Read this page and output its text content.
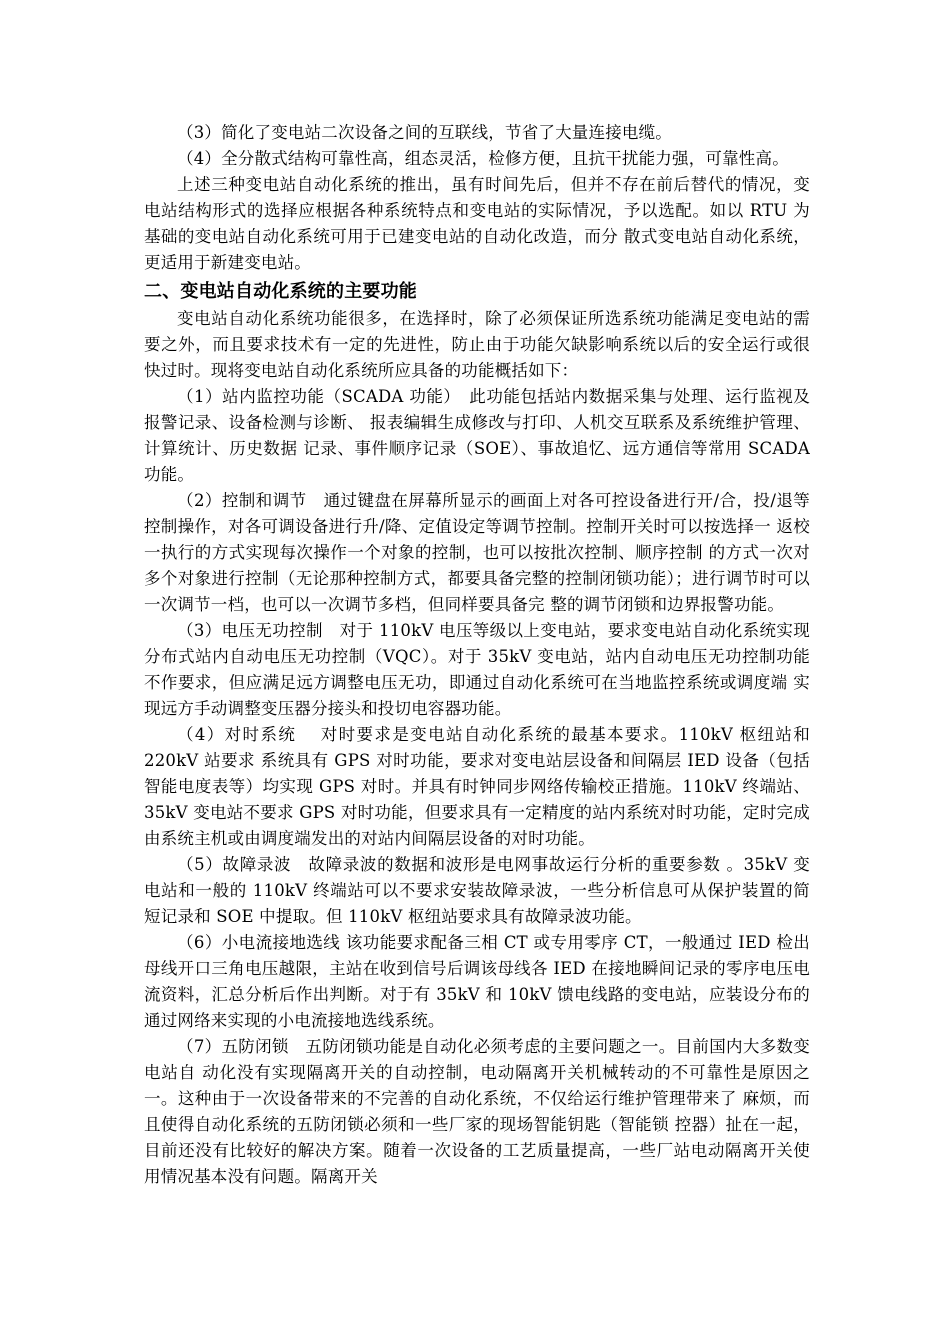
（3）简化了变电站二次设备之间的互联线，节省了大量连接电缆。

（4）全分散式结构可靠性高，组态灵活，检修方便，且抗干扰能力强，可靠性高。

上述三种变电站自动化系统的推出，虽有时间先后，但并不存在前后替代的情况，变电站结构形式的选择应根据各种系统特点和变电站的实际情况，予以选配。如以 RTU 为基础的变电站自动化系统可用于已建变电站的自动化改造，而分 散式变电站自动化系统，更适用于新建变电站。

二、变电站自动化系统的主要功能

变电站自动化系统功能很多，在选择时，除了必须保证所选系统功能满足变电站的需要之外，而且要求技术有一定的先进性，防止由于功能欠缺影响系统以后的安全运行或很快过时。现将变电站自动化系统所应具备的功能概括如下：

（1）站内监控功能（SCADA 功能）　此功能包括站内数据采集与处理、运行监视及报警记录、设备检测与诊断、 报表编辑生成修改与打印、人机交互联系及系统维护管理、计算统计、历史数据 记录、事件顺序记录（SOE）、事故追忆、远方通信等常用 SCADA 功能。

（2）控制和调节　通过键盘在屏幕所显示的画面上对各可控设备进行开/合，投/退等控制操作，对各可调设备进行升/降、定值设定等调节控制。控制开关时可以按选择一 返校一执行的方式实现每次操作一个对象的控制，也可以按批次控制、顺序控制 的方式一次对多个对象进行控制（无论那种控制方式，都要具备完整的控制闭锁功能）；进行调节时可以一次调节一档，也可以一次调节多档，但同样要具备完 整的调节闭锁和边界报警功能。

（3）电压无功控制　对于 110kV 电压等级以上变电站，要求变电站自动化系统实现分布式站内自动电压无功控制（VQC）。对于 35kV 变电站，站内自动电压无功控制功能不作要求，但应满足远方调整电压无功，即通过自动化系统可在当地监控系统或调度端 实现远方手动调整变压器分接头和投切电容器功能。

（4）对时系统　 对时要求是变电站自动化系统的最基本要求。110kV 枢纽站和 220kV 站要求 系统具有 GPS 对时功能，要求对变电站层设备和间隔层 IED 设备（包括智能电度表等）均实现 GPS 对时。并具有时钟同步网络传输校正措施。110kV 终端站、35kV 变电站不要求 GPS 对时功能，但要求具有一定精度的站内系统对时功能，定时完成由系统主机或由调度端发出的对站内间隔层设备的对时功能。

（5）故障录波　故障录波的数据和波形是电网事故运行分析的重要参数 。35kV 变电站和一般的 110kV 终端站可以不要求安装故障录波，一些分析信息可从保护装置的简短记录和 SOE 中提取。但 110kV 枢纽站要求具有故障录波功能。

（6）小电流接地选线 该功能要求配备三相 CT 或专用零序 CT，一般通过 IED 检出母线开口三角电压越限，主站在收到信号后调该母线各 IED 在接地瞬间记录的零序电压电流资料，汇总分析后作出判断。对于有 35kV 和 10kV 馈电线路的变电站，应装设分布的通过网络来实现的小电流接地选线系统。

（7）五防闭锁　五防闭锁功能是自动化必须考虑的主要问题之一。目前国内大多数变电站自 动化没有实现隔离开关的自动控制，电动隔离开关机械转动的不可靠性是原因之一。这种由于一次设备带来的不完善的自动化系统，不仅给运行维护管理带来了 麻烦，而且使得自动化系统的五防闭锁必须和一些厂家的现场智能钥匙（智能锁 控器）扯在一起，目前还没有比较好的解决方案。随着一次设备的工艺质量提高，一些厂站电动隔离开关使用情况基本没有问题。隔离开关
